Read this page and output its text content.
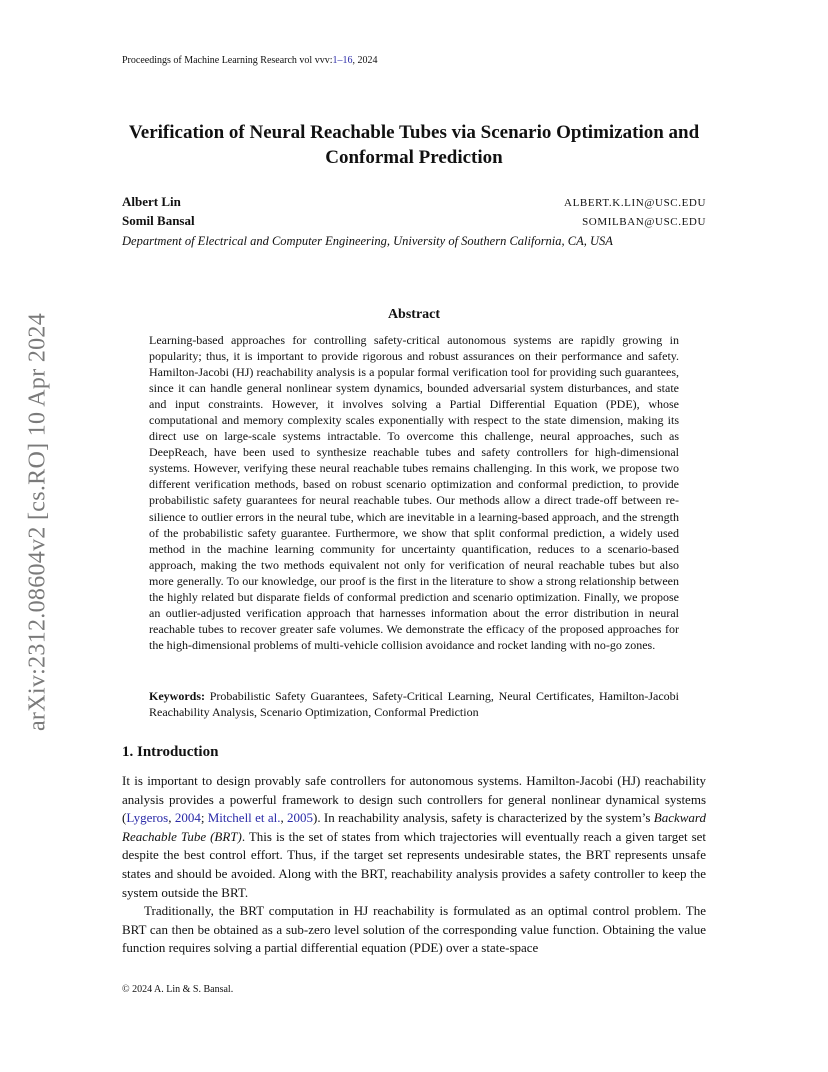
Proceedings of Machine Learning Research vol vvv:1–16, 2024
Verification of Neural Reachable Tubes via Scenario Optimization and
Conformal Prediction
Albert Lin	ALBERT.K.LIN@USC.EDU
Somil Bansal	SOMILBAN@USC.EDU
Department of Electrical and Computer Engineering, University of Southern California, CA, USA
arXiv:2312.08604v2 [cs.RO] 10 Apr 2024	Abstract

Learning-based approaches for controlling safety-critical autonomous systems are rapidly growing in popularity; thus, it is important to provide rigorous and robust assurances on their performance and safety. Hamilton-Jacobi (HJ) reachability analysis is a popular formal verification tool for providing such guarantees, since it can handle general nonlinear system dynamics, bounded adversarial system disturbances, and state and input constraints. However, it involves solving a Partial Differential Equation (PDE), whose computational and memory complexity scales exponentially with respect to the state dimension, making its direct use on large-scale systems intractable. To overcome this challenge, neural approaches, such as DeepReach, have been used to synthesize reachable tubes and safety controllers for high-dimensional systems. However, verifying these neural reachable tubes remains challenging. In this work, we propose two different verification methods, based on robust scenario optimization and conformal prediction, to provide probabilistic safety guarantees for neural reachable tubes. Our methods allow a direct trade-off between resilience to outlier errors in the neural tube, which are inevitable in a learning-based approach, and the strength of the probabilistic safety guarantee. Furthermore, we show that split conformal prediction, a widely used method in the machine learning community for uncertainty quantification, reduces to a scenario-based approach, making the two methods equivalent not only for verification of neural reachable tubes but also more generally. To our knowledge, our proof is the first in the literature to show a strong relationship between the highly related but disparate fields of conformal prediction and scenario optimization. Finally, we propose an outlier-adjusted verification approach that harnesses information about the error distribution in neural reachable tubes to recover greater safe volumes. We demonstrate the efficacy of the proposed approaches for the high-dimensional problems of multi-vehicle collision avoidance and rocket landing with no-go zones.

Keywords: Probabilistic Safety Guarantees, Safety-Critical Learning, Neural Certificates, Hamilton-Jacobi Reachability Analysis, Scenario Optimization, Conformal Prediction

1. Introduction

It is important to design provably safe controllers for autonomous systems. Hamilton-Jacobi (HJ) reachability analysis provides a powerful framework to design such controllers for general nonlinear dynamical systems (Lygeros, 2004; Mitchell et al., 2005). In reachability analysis, safety is characterized by the system’s Backward Reachable Tube (BRT). This is the set of states from which trajectories will eventually reach a given target set despite the best control effort. Thus, if the target set represents undesirable states, the BRT represents unsafe states and should be avoided. Along with the BRT, reachability analysis provides a safety controller to keep the system outside the BRT.

Traditionally, the BRT computation in HJ reachability is formulated as an optimal control problem. The BRT can then be obtained as a sub-zero level solution of the corresponding value function. Obtaining the value function requires solving a partial differential equation (PDE) over a state-space

© 2024 A. Lin & S. Bansal.
